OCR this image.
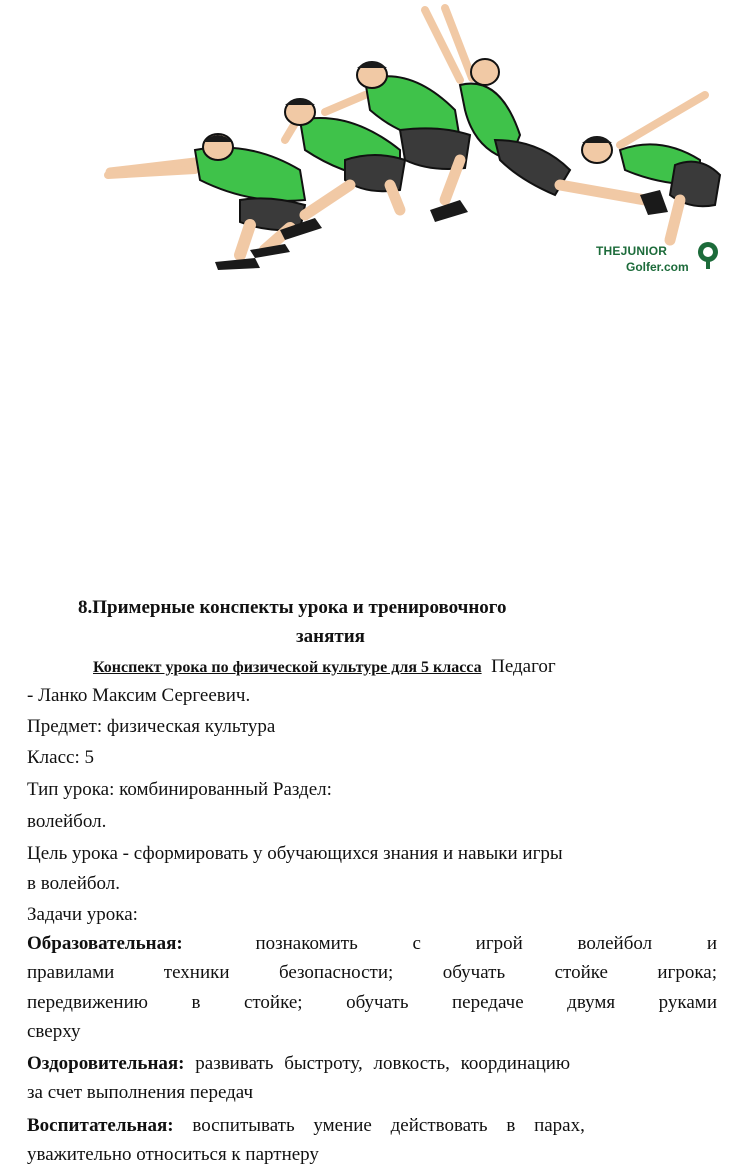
THEJUNIOR
Golfer.com
8.Примерные конспекты урока и тренировочного
занятия
Конспект урока по физической культуре для 5 класса Педагог
- Ланко Максим Сергеевич.
Предмет: физическая культура
Класс: 5
Тип урока: комбинированный Раздел:
волейбол.
Цель урока - сформировать у обучающихся знания и навыки игры
в волейбол.
Задачи урока:
Образовательная:	познакомить с игрой волейбол и
правилами техники безопасности; обучать стойке игрока;
передвижению в стойке; обучать передаче двумя руками
сверху
Оздоровительная: развивать быстроту, ловкость, координацию
за счет выполнения передач
Воспитательная: воспитывать умение действовать в парах,
уважительно относиться к партнеру
